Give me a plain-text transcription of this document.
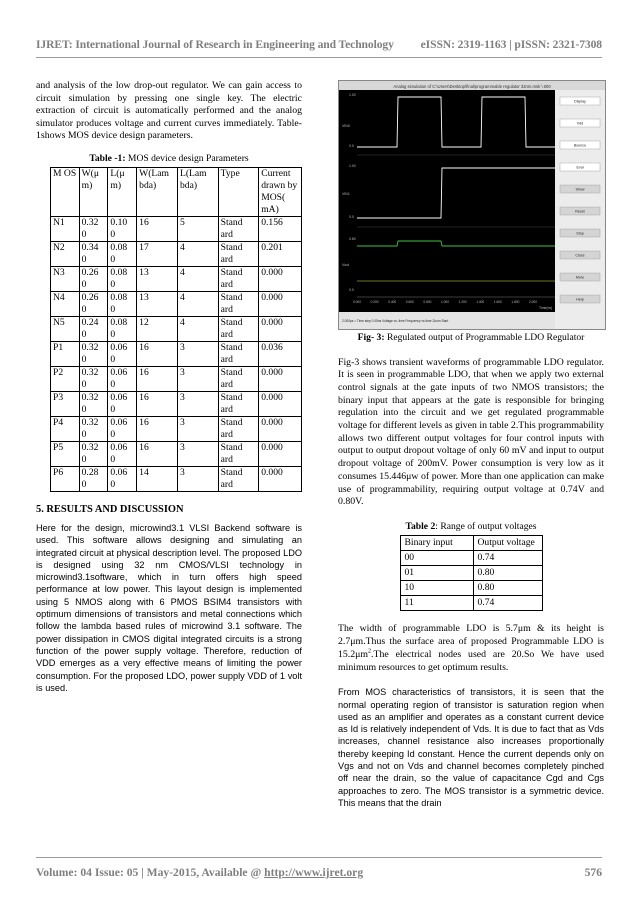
IJRET: International Journal of Research in Engineering and Technology eISSN: 2319-1163 | pISSN: 2321-7308

and analysis of the low drop-out regulator. We can gain access to circuit simulation by pressing one single key. The electric extraction of circuit is automatically performed and the analog simulator produces voltage and current curves immediately. Table-1shows MOS device design parameters.

Table -1: MOS device design Parameters

M OS	W(μ m)	L(μ m)	W(Lam bda)	L(Lam bda)	Type	Current drawn by MOS( mA)
N1	0.32 0	0.10 0	16	5	Stand ard	0.156
N2	0.34 0	0.08 0	17	4	Stand ard	0.201
N3	0.26 0	0.08 0	13	4	Stand ard	0.000
N4	0.26 0	0.08 0	13	4	Stand ard	0.000
N5	0.24 0	0.08 0	12	4	Stand ard	0.000
P1	0.32 0	0.06 0	16	3	Stand ard	0.036
P2	0.32 0	0.06 0	16	3	Stand ard	0.000
P3	0.32 0	0.06 0	16	3	Stand ard	0.000
P4	0.32 0	0.06 0	16	3	Stand ard	0.000
P5	0.32 0	0.06 0	16	3	Stand ard	0.000
P6	0.28 0	0.06 0	14	3	Stand ard	0.000
5. RESULTS AND DISCUSSION

Here for the design, microwind3.1 VLSI Backend software is used. This software allows designing and simulating an integrated circuit at physical description level. The proposed LDO is designed using 32 nm CMOS/VLSI technology in microwind3.1software, which in turn offers high speed performance at low power. This layout design is implemented using 5 NMOS along with 6 PMOS BSIM4 transistors with optimum dimensions of transistors and metal connections which follow the lambda based rules of microwind 3.1 software. The power dissipation in CMOS digital integrated circuits is a strong function of the power supply voltage. Therefore, reduction of VDD emerges as a very effective means of limiting the power consumption. For the proposed LDO, power supply VDD of 1 volt is used.

Analog simulation of C:\Users\Desktop\final\programmable regulator 32nm.msk \ 600
VIN0
VIN1
Vout
1.00
0.0
1.00
0.0
0.80
0.0
0.000	0.200	0.400	0.600	0.800	1.000	1.200	1.400	1.600	1.800	2.000
Time(ns)
2.000ps = Time step 0.05ns Voltage vs. time Frequency vs time Zoom Start
Display
Vdd
Bounce
Eval
Show
Reset
Stop
Close
More
Help

Fig- 3: Regulated output of Programmable LDO Regulator

Fig-3 shows transient waveforms of programmable LDO regulator. It is seen in programmable LDO, that when we apply two external control signals at the gate inputs of two NMOS transistors; the binary input that appears at the gate is responsible for bringing regulation into the circuit and we get regulated programmable voltage for different levels as given in table 2.This programmability allows two different output voltages for four control inputs with output to output dropout voltage of only 60 mV and input to output dropout voltage of 200mV. Power consumption is very low as it consumes 15.446μw of power. More than one application can make use of programmability, requiring output voltage at 0.74V and 0.80V.

Table 2: Range of output voltages

Binary input	Output voltage
00	0.74
01	0.80
10	0.80
11	0.74

The width of programmable LDO is 5.7μm & its height is 2.7μm.Thus the surface area of proposed Programmable LDO is $15.2\mu m^2.The$ electrical nodes used are 20.So We have used minimum resources to get optimum results.

From MOS characteristics of transistors, it is seen that the normal operating region of transistor is saturation region when used as an amplifier and operates as a constant current device as Id is relatively independent of Vds. It is due to fact that as Vds increases, channel resistance also increases proportionally thereby keeping Id constant. Hence the current depends only on Vgs and not on Vds and channel becomes completely pinched off near the drain, so the value of capacitance Cgd and Cgs approaches to zero. The MOS transistor is a symmetric device. This means that the drain

Volume: 04 Issue: 05 | May-2015, Available @ http://www.ijret.org	576
